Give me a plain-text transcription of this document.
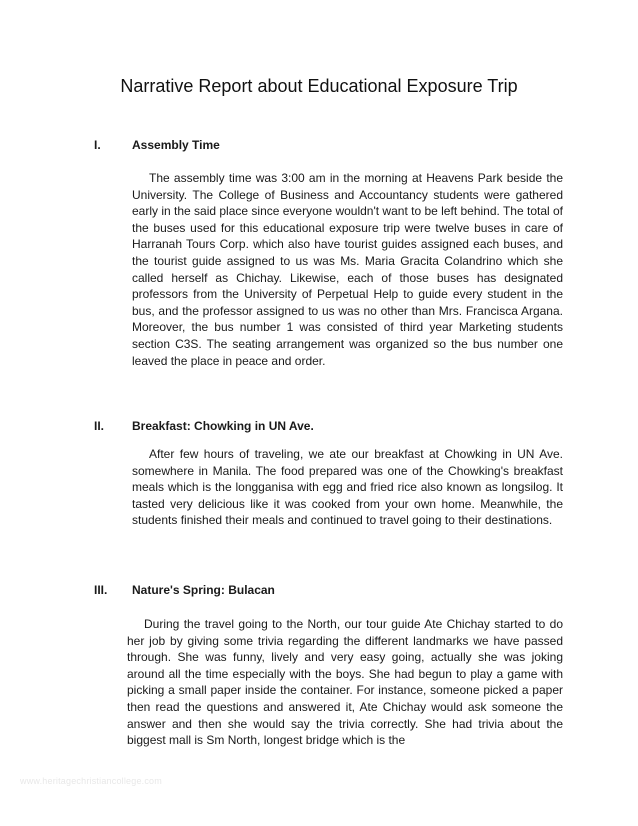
Narrative Report about Educational Exposure Trip
I.	Assembly Time

The assembly time was 3:00 am in the morning at Heavens Park beside the University. The College of Business and Accountancy students were gathered early in the said place since everyone wouldn't want to be left behind. The total of the buses used for this educational exposure trip were twelve buses in care of Harranah Tours Corp. which also have tourist guides assigned each buses, and the tourist guide assigned to us was Ms. Maria Gracita Colandrino which she called herself as Chichay. Likewise, each of those buses has designated professors from the University of Perpetual Help to guide every student in the bus, and the professor assigned to us was no other than Mrs. Francisca Argana. Moreover, the bus number 1 was consisted of third year Marketing students section C3S. The seating arrangement was organized so the bus number one leaved the place in peace and order.

II. Breakfast: Chowking in UN Ave.

After few hours of traveling, we ate our breakfast at Chowking in UN Ave. somewhere in Manila. The food prepared was one of the Chowking's breakfast meals which is the longganisa with egg and fried rice also known as longsilog. It tasted very delicious like it was cooked from your own home. Meanwhile, the students finished their meals and continued to travel going to their destinations.

III. Nature's Spring: Bulacan

During the travel going to the North, our tour guide Ate Chichay started to do her job by giving some trivia regarding the different landmarks we have passed through. She was funny, lively and very easy going, actually she was joking around all the time especially with the boys. She had begun to play a game with picking a small paper inside the container. For instance, someone picked a paper then read the questions and answered it, Ate Chichay would ask someone the answer and then she would say the trivia correctly. She had trivia about the biggest mall is Sm North, longest bridge which is the

www.heritagechristiancollege.com
